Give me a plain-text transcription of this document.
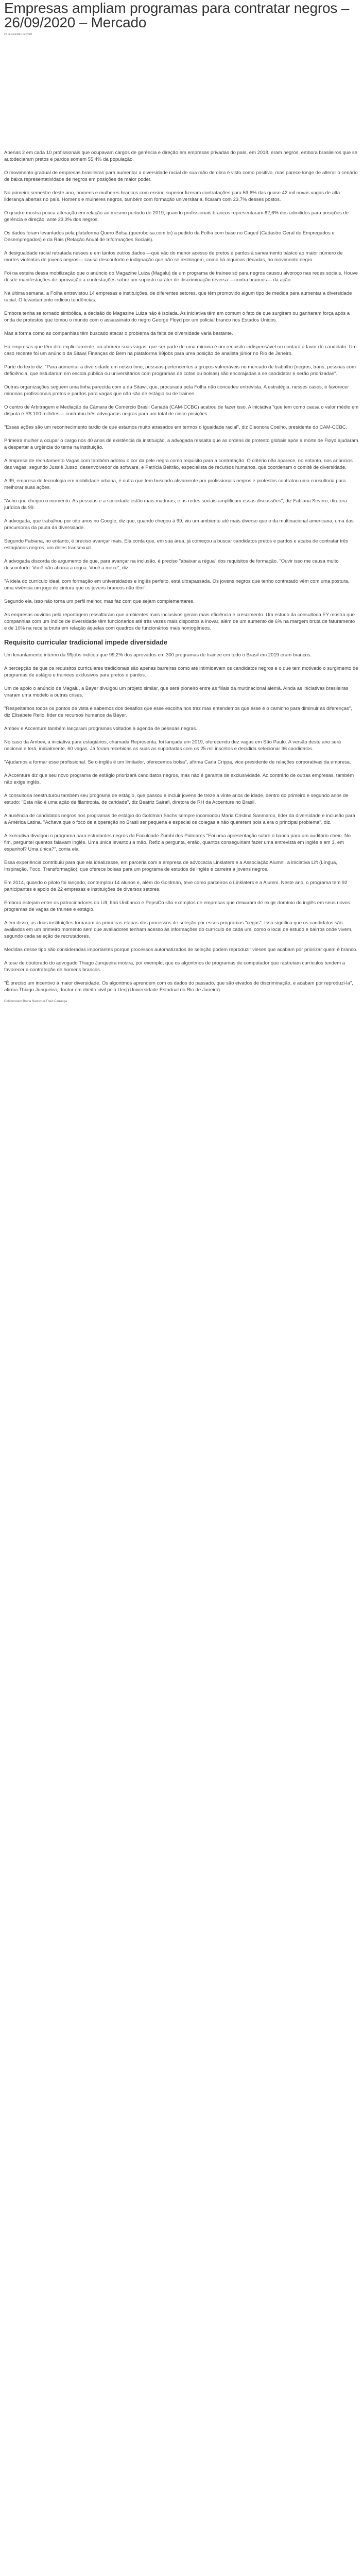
Empresas ampliam programas para contratar negros – 26/09/2020 – Mercado
27 de setembro de 2020

Apenas 2 em cada 10 profissionais que ocupavam cargos de gerência e direção em empresas privadas do país, em 2018, eram negros, embora brasileiros que se autodeclaram pretos e pardos somem 55,4% da população.

O movimento gradual de empresas brasileiras para aumentar a diversidade racial de sua mão de obra é visto como positivo, mas parece longe de alterar o cenário de baixa representatividade de negros em posições de maior poder.

No primeiro semestre deste ano, homens e mulheres brancos com ensino superior fizeram contratações para 59,6% das quase 42 mil novas vagas de alta liderança abertas no país. Homens e mulheres negros, também com formação universitária, ficaram com 23,7% desses postos.

O quadro mostra pouca alteração em relação ao mesmo período de 2019, quando profissionais brancos representaram 62,6% dos admitidos para posições de gerência e direção, ante 23,3% dos negros.

Os dados foram levantados pela plataforma Quero Bolsa (querobolsa.com.br) a pedido da Folha com base no Caged (Cadastro Geral de Empregados e Desempregados) e da Rais (Relação Anual de Informações Sociais).

A desigualdade racial retratada nesses e em tantos outros dados —que vão do menor acesso de pretos e pardos à saneamento básico ao maior número de mortes violentas de jovens negros— causa desconforto e indignação que não se restringem, como há algumas décadas, ao movimento negro.

Foi na esteira dessa mobilização que o anúncio do Magazine Luiza (Magalu) de um programa de trainee só para negros causou alvoroço nas redes sociais. Houve desde manifestações de aprovação a contestações sobre um suposto caráter de discriminação reversa —contra brancos— da ação.

Na última semana, a Folha entrevistou 14 empresas e instituições, de diferentes setores, que têm promovido algum tipo de medida para aumentar a diversidade racial. O levantamento indicou tendências.

Embora tenha se tornado simbólica, a decisão do Magazine Luiza não é isolada. As iniciativa têm em comum o fato de que surgiram ou ganharam força após a onda de protestos que tomou o mundo com o assassinato do negro George Floyd por um policial branco nos Estados Unidos.

Mas a forma como as companhias têm buscado atacar o problema da falta de diversidade varia bastante.

Há empresas que têm dito explicitamente, ao abrirem suas vagas, que ser parte de uma minoria é um requisito indispensável ou contará a favor do candidato. Um caso recente foi um anúncio da Sitawi Finanças do Bem na plataforma 99jobs para uma posição de analista júnior no Rio de Janeiro.

Parte do texto diz: "Para aumentar a diversidade em nosso time, pessoas pertencentes a grupos vulneráveis no mercado de trabalho (negros, trans, pessoas com deficiência, que estudaram em escola pública ou universitários com programas de cotas ou bolsas) são encorajadas a se candidatar e serão priorizadas".

Outras organizações seguem uma linha parecida com a da Sitawi, que, procurada pela Folha não concedeu entrevista. A estratégia, nesses casos, é favorecer minorias profissionais pretos e pardos para vagas que não são de estágio ou de trainee.

O centro de Arbitragem e Mediação da Câmara de Comércio Brasil Canadá (CAM-CCBC) acabou de fazer isso. A iniciativa "que tem como causa o valor médio em disputa é R$ 100 milhões— contratou três advogadas negras para um total de cinco posições.

"Essas ações são um reconhecimento tardio de que estamos muito atrasados em termos d igualdade racial", diz Eleonora Coelho, presidente do CAM-CCBC.

Primeira mulher a ocupar o cargo nos 40 anos de existência da instituição, a advogada ressalta que as ordens de protesto globais após a morte de Floyd ajudaram a despertar a urgência do tema na instituição.

A empresa de recrutamento Vagas.com também adotou o cor da pele negra como requisito para a contratação. O critério não aparece, no entanto, nos anúncios das vagas, segundo Jussiê Jusso, desenvolvedor de software, e Patrícia Beltrão, especialista de recursos humanos, que coordenam o comitê de diversidade.

A 99, empresa de tecnologia em mobilidade urbana, é outra que tem buscado ativamente por profissionais negros e protestos contratou uma consultoria para melhorar suas ações.

"Acho que chegou o momento. As pessoas e a sociedade estão mais maduras, e as redes sociais amplificam essas discussões", diz Fabiana Severo, diretora jurídica da 99.

A advogada, que trabalhou por oito anos no Google, diz que, quando chegou à 99, viu um ambiente até mais diverso que o da multinacional americana, uma das precursoras da pauta da diversidade.

Segundo Fabiana, no entanto, é preciso avançar mais. Ela conta que, em sua área, já começou a buscar candidatos pretos e pardos e acaba de contratar três estagiários negros, um deles transexual.

A advogada discorda do argumento de que, para avançar na inclusão, é preciso "abaixar a régua" dos requisitos de formação. "Ouvir isso me causa muito desconforto. Você não abaixa a régua. Você a mexe", diz.

"A ideia do currículo ideal, com formação em universidades e inglês perfeito, está ultrapassada. Os jovens negros que tenho contratado vêm com uma postura, uma vivência um jogo de cintura que os jovens brancos não têm".

Segundo ela, isso não torna um perfil melhor, mas faz com que sejam complementares.

As empresas ouvidas pela reportagem ressaltaram que ambientes mais inclusivos geram mais eficiência e crescimento. Um estudo da consultoria EY mostra que companhias com um índice de diversidade têm funcionarios até três vezes mais dispostos a inovar, além de um aumento de 6% na margem bruta de faturamento e de 10% na receita bruta em relação àquelas com quadros de funcionários mais homogêneos.

Requisito curricular tradicional impede diversidade

Um levantamento interno da 99jobs indicou que 99,2% dos aprovados em 300 programas de trainee em todo o Brasil em 2019 eram brancos.

A percepção de que os requisitos curriculares tradicionais são apenas barreiras como até intimidavam os candidatos negros e o que tem motivado o surgimento de programas de estágio e trainees exclusivos para pretos e pardos.

Um de apoio o anúncio de Magalu, a Bayer divulgou um projeto similar, que será pioneiro entre as filiais da multinacional alemã. Ainda as iniciativas brasileiras viraram uma modelo a outras crises.

"Respeitamos todos os pontos de vista e sabemos dos desafios que esse escolha nos traz mas entendemos que esse é o caminho para diminuir as diferenças", diz Elisabete Rello, líder de recursos humanos da Bayer.

Ambev e Accenture também lançaram programas voltados à agenda de pessoas negras.

No caso da Ambev, a iniciativa para estagiários, chamada Representa, foi lançada em 2019, oferecendo dez vagas em São Paulo. A versão deste ano será nacional e terá, inicialmente, 60 vagas. Já foram recebidas as suas as suportadas com os 25 mil inscritos e decidida selecionar 96 candidatos.

"Ajudamos a formar esse profissional. Se o inglês é um limitador, oferecemos bolsa", afirma Carla Crippa, vice-presidente de relações corporativas da empresa.

A Accenture diz que seu novo programa de estágio priorizará candidatos negros, mas não é garantia de exclusividade. Ao contrário de outras empresas, também não exige inglês.

A consultoria reestruturou também seu programa de estágio, que passou a incluir jovens de treze a vinte anos de idade, dentro do primeiro e segundo anos de estudo: "Esta não é uma ação de filantropia, de caridade", diz Beatriz Sairafi, diretora de RH da Accenture no Brasil.

A ausência de candidatos negros nos programas de estágio do Goldman Sachs sempre incomodou Maria Cristina Sanmarco, líder da diversidade e inclusão para a América Latina. "Achava que o foco de a operação no Brasil ser pequena e especial os colegas a não quererem pois a era o principal problema", diz.

A executiva divulgou o programa para estudantes negros da Faculdade Zumbi dos Palmares "Foi uma apresentação sobre o banco para um auditório cheio. No fim, perguntei quantos falavam inglês. Uma única levantou a mão. Refiz a pergunta, então, quantos conseguiriam fazer uma entrevista em inglês e em 3, em espanhol? Uma única?", conta ela.

Essa experiência contribuiu para que ela idealizasse, em parceria com a empresa de advocacia Linklaters e a Associação Alumni, a iniciativa Lift (Língua, Inspiração, Foco, Transformação), que oferece bolsas para um programa de estudos de inglês e carreira a jovens negros.

Em 2014, quando o piloto foi lançado, contemplou 14 alunos e, além do Goldman, teve como parceiros o Linklaters e a Alumni. Neste ano, o programa tem 92 participantes e apoio de 22 empresas e instituições de diversos setores.

Embora estejam entre os patrocinadores do Lift, Itaú Unibanco e PepsiCo são exemplos de empresas que deixaram de exigir domínio do inglês em seus novos programas de vagas de trainee e estágio.

Além disso, as duas instituições tornaram as primeiras etapas dos processos de seleção por esses programas "cegas". Isso significa que os candidatos são avaliados em um primeiro momento sem que avaliadores tenham acesso às informações do currículo de cada um, como o local de estudo e bairros onde vivem, segundo cada seleção de recrutadores.

Medidas desse tipo são consideradas importantes porque processos automatizados de seleção podem reproduzir vieses que acabam por priorizar quem é branco.

A tese de doutorado do advogado Thiago Junqueira mostra, por exemplo, que os algoritmos de programas de computador que rastreiam currículos tendem a favorecer a contratação de homens brancos.

"É preciso um incentivo à maior diversidade. Os algoritmos aprendem com os dados do passado, que são eivados de discriminação, e acabam por reproduzi-la", afirma Thiago Junqueira, doutor em direito civil pela Uerj (Universidade Estadual do Rio de Janeiro).

Colaboraram Bruna Narcizo e Thais Carrança
